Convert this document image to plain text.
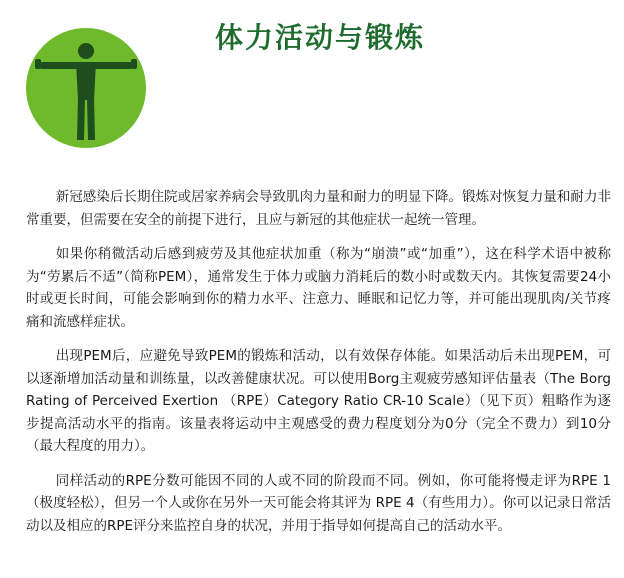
体力活动与锻炼

新冠感染后长期住院或居家养病会导致肌肉力量和耐力的明显下降。锻炼对恢复力量和耐力非常重要，但需要在安全的前提下进行，且应与新冠的其他症状一起统一管理。

如果你稍微活动后感到疲劳及其他症状加重（称为“崩溃”或“加重”），这在科学术语中被称为“劳累后不适”（简称PEM），通常发生于体力或脑力消耗后的数小时或数天内。其恢复需要24小时或更长时间，可能会影响到你的精力水平、注意力、睡眠和记忆力等，并可能出现肌肉/关节疼痛和流感样症状。

出现PEM后，应避免导致PEM的锻炼和活动，以有效保存体能。如果活动后未出现PEM，可以逐渐增加活动量和训练量，以改善健康状况。可以使用Borg主观疲劳感知评估量表（The Borg Rating of Perceived Exertion （RPE）Category Ratio CR-10 Scale）（见下页）粗略作为逐步提高活动水平的指南。该量表将运动中主观感受的费力程度划分为0分（完全不费力）到10分（最大程度的用力）。

同样活动的RPE分数可能因不同的人或不同的阶段而不同。例如，你可能将慢走评为RPE 1（极度轻松），但另一个人或你在另外一天可能会将其评为 RPE 4（有些用力）。你可以记录日常活动以及相应的RPE评分来监控自身的状况，并用于指导如何提高自己的活动水平。
